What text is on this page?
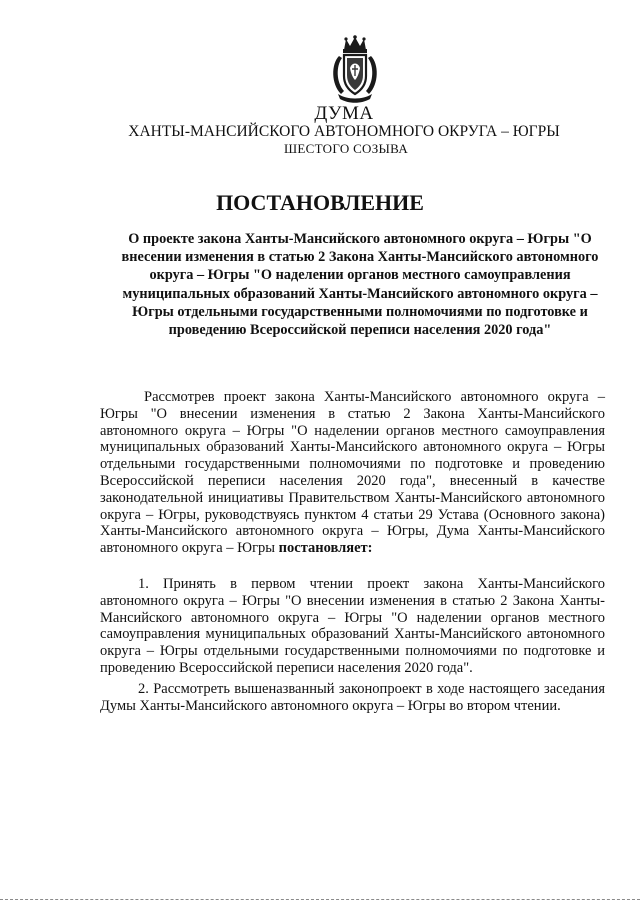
ДУМА

ХАНТЫ-МАНСИЙСКОГО АВТОНОМНОГО ОКРУГА – ЮГРЫ

ШЕСТОГО СОЗЫВА

ПОСТАНОВЛЕНИЕ

О проекте закона Ханты-Мансийского автономного округа – Югры "О внесении изменения в статью 2 Закона Ханты-Мансийского автономного округа – Югры "О наделении органов местного самоуправления муниципальных образований Ханты-Мансийского автономного округа – Югры отдельными государственными полномочиями по подготовке и проведению Всероссийской переписи населения 2020 года"

Рассмотрев проект закона Ханты-Мансийского автономного округа – Югры "О внесении изменения в статью 2 Закона Ханты-Мансийского автономного округа – Югры "О наделении органов местного самоуправления муниципальных образований Ханты-Мансийского автономного округа – Югры отдельными государственными полномочиями по подготовке и проведению Всероссийской переписи населения 2020 года", внесенный в качестве законодательной инициативы Правительством Ханты-Мансийского автономного округа – Югры, руководствуясь пунктом 4 статьи 29 Устава (Основного закона) Ханты-Мансийского автономного округа – Югры, Дума Ханты-Мансийского автономного округа – Югры постановляет:

1. Принять в первом чтении проект закона Ханты-Мансийского автономного округа – Югры "О внесении изменения в статью 2 Закона Ханты-Мансийского автономного округа – Югры "О наделении органов местного самоуправления муниципальных образований Ханты-Мансийского автономного округа – Югры отдельными государственными полномочиями по подготовке и проведению Всероссийской переписи населения 2020 года".

2. Рассмотреть вышеназванный законопроект в ходе настоящего заседания Думы Ханты-Мансийского автономного округа – Югры во втором чтении.
